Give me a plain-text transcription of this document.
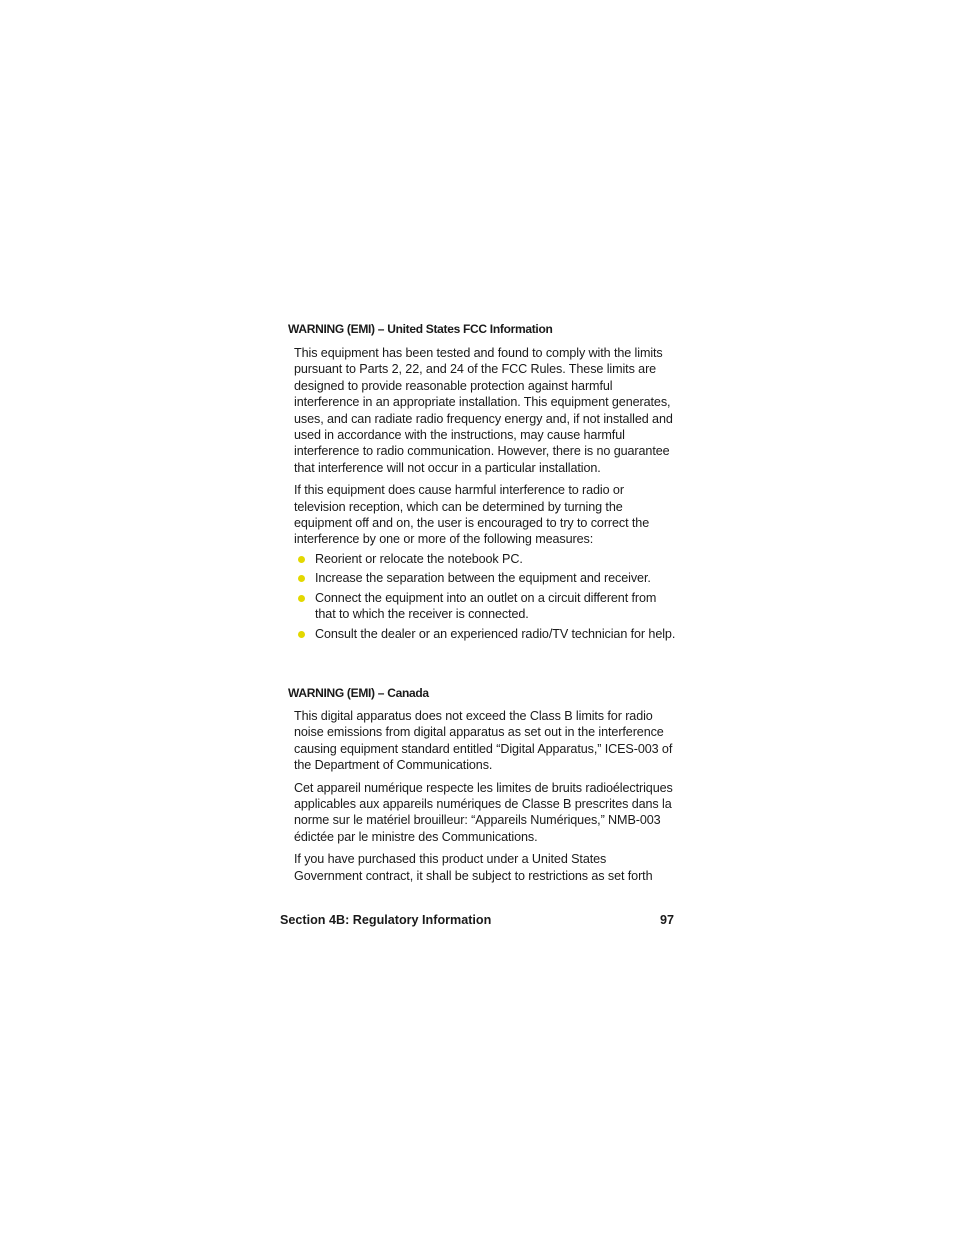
WARNING (EMI) – United States FCC Information

This equipment has been tested and found to comply with the limits pursuant to Parts 2, 22, and 24 of the FCC Rules. These limits are designed to provide reasonable protection against harmful interference in an appropriate installation. This equipment generates, uses, and can radiate radio frequency energy and, if not installed and used in accordance with the instructions, may cause harmful interference to radio communication. However, there is no guarantee that interference will not occur in a particular installation.

If this equipment does cause harmful interference to radio or television reception, which can be determined by turning the equipment off and on, the user is encouraged to try to correct the interference by one or more of the following measures:

Reorient or relocate the notebook PC.
Increase the separation between the equipment and receiver.
Connect the equipment into an outlet on a circuit different from that to which the receiver is connected.
Consult the dealer or an experienced radio/TV technician for help.
WARNING (EMI) – Canada

This digital apparatus does not exceed the Class B limits for radio noise emissions from digital apparatus as set out in the interference causing equipment standard entitled “Digital Apparatus,” ICES-003 of the Department of Communications.

Cet appareil numérique respecte les limites de bruits radioélectriques applicables aux appareils numériques de Classe B prescrites dans la norme sur le matériel brouilleur: “Appareils Numériques,” NMB-003 édictée par le ministre des Communications.

If you have purchased this product under a United States Government contract, it shall be subject to restrictions as set forth

Section 4B: Regulatory Information	97
